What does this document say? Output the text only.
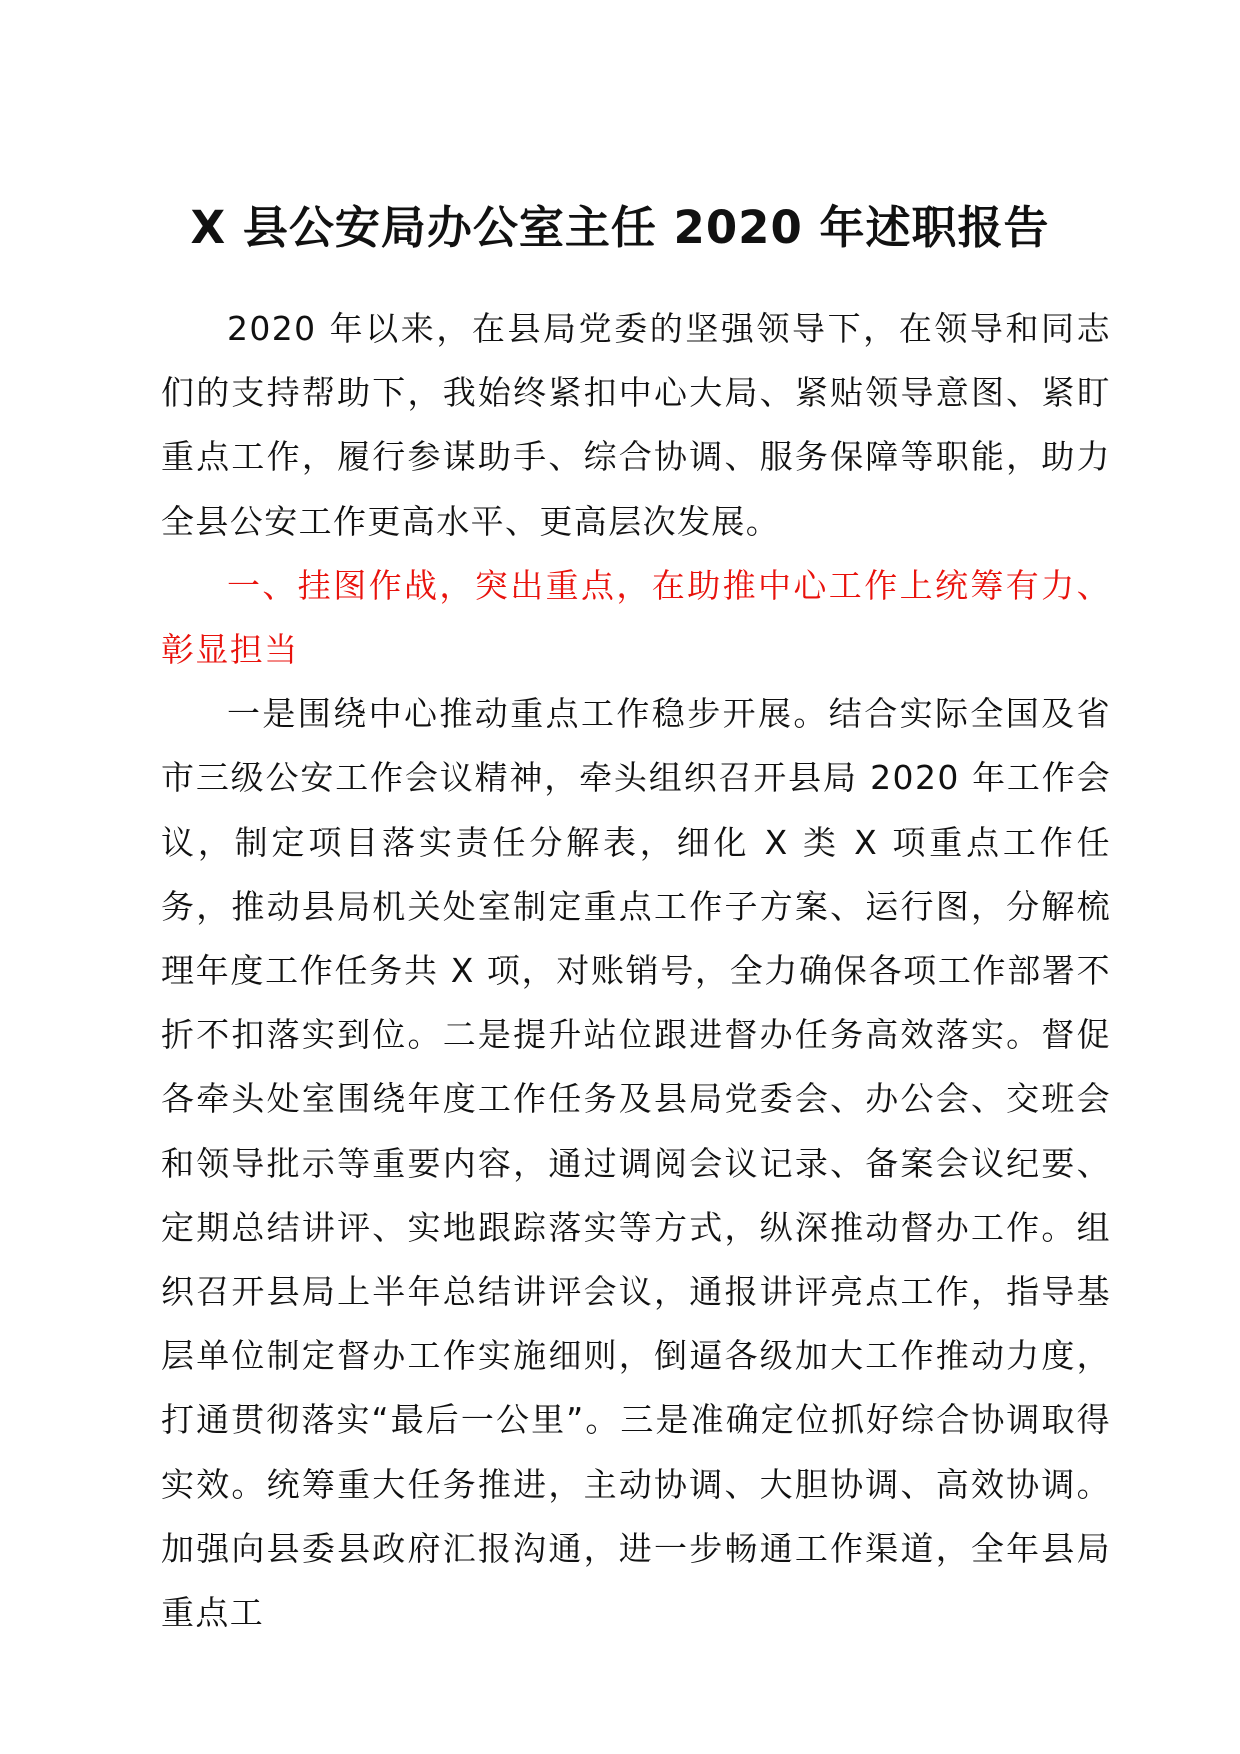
X 县公安局办公室主任 2020 年述职报告

2020 年以来，在县局党委的坚强领导下，在领导和同志们的支持帮助下，我始终紧扣中心大局、紧贴领导意图、紧盯重点工作，履行参谋助手、综合协调、服务保障等职能，助力全县公安工作更高水平、更高层次发展。

一、挂图作战，突出重点，在助推中心工作上统筹有力、彰显担当

一是围绕中心推动重点工作稳步开展。结合实际全国及省市三级公安工作会议精神，牵头组织召开县局 2020 年工作会议，制定项目落实责任分解表，细化 X 类 X 项重点工作任务，推动县局机关处室制定重点工作子方案、运行图，分解梳理年度工作任务共 X 项，对账销号，全力确保各项工作部署不折不扣落实到位。二是提升站位跟进督办任务高效落实。督促各牵头处室围绕年度工作任务及县局党委会、办公会、交班会和领导批示等重要内容，通过调阅会议记录、备案会议纪要、定期总结讲评、实地跟踪落实等方式，纵深推动督办工作。组织召开县局上半年总结讲评会议，通报讲评亮点工作，指导基层单位制定督办工作实施细则，倒逼各级加大工作推动力度，打通贯彻落实“最后一公里”。三是准确定位抓好综合协调取得实效。统筹重大任务推进，主动协调、大胆协调、高效协调。加强向县委县政府汇报沟通，进一步畅通工作渠道，全年县局重点工
